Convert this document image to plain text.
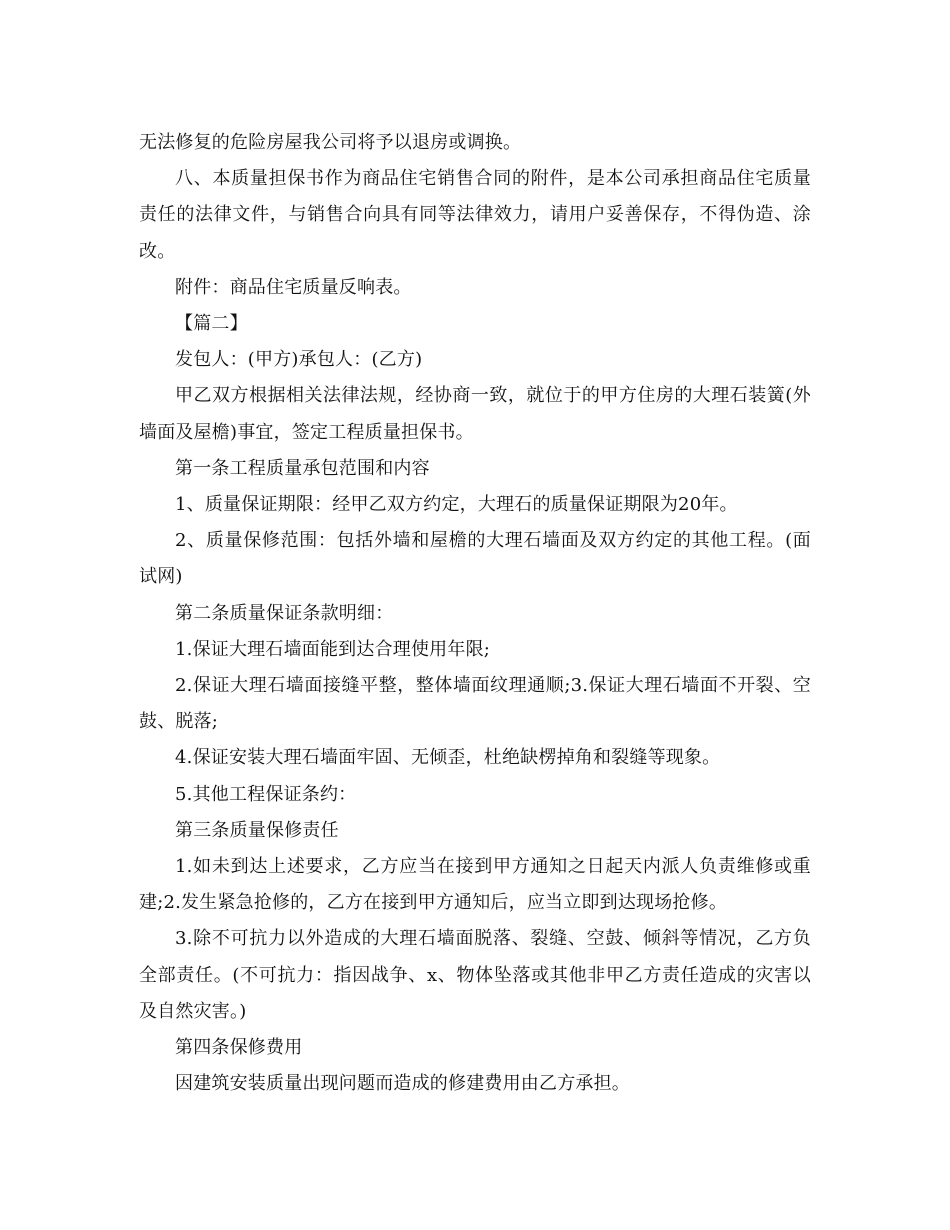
无法修复的危险房屋我公司将予以退房或调换。

八、本质量担保书作为商品住宅销售合同的附件，是本公司承担商品住宅质量责任的法律文件，与销售合向具有同等法律效力，请用户妥善保存，不得伪造、涂改。

附件：商品住宅质量反响表。

【篇二】

发包人：(甲方)承包人：(乙方)

甲乙双方根据相关法律法规，经协商一致，就位于的甲方住房的大理石装簧(外墙面及屋檐)事宜，签定工程质量担保书。

第一条工程质量承包范围和内容

1、质量保证期限：经甲乙双方约定，大理石的质量保证期限为20年。

2、质量保修范围：包括外墙和屋檐的大理石墙面及双方约定的其他工程。(面试网)

第二条质量保证条款明细：

1.保证大理石墙面能到达合理使用年限;

2.保证大理石墙面接缝平整，整体墙面纹理通顺;3.保证大理石墙面不开裂、空鼓、脱落;

4.保证安装大理石墙面牢固、无倾歪，杜绝缺楞掉角和裂缝等现象。

5.其他工程保证条约：

第三条质量保修责任

1.如未到达上述要求，乙方应当在接到甲方通知之日起天内派人负责维修或重建;2.发生紧急抢修的，乙方在接到甲方通知后，应当立即到达现场抢修。

3.除不可抗力以外造成的大理石墙面脱落、裂缝、空鼓、倾斜等情况，乙方负全部责任。(不可抗力：指因战争、x、物体坠落或其他非甲乙方责任造成的灾害以及自然灾害。)

第四条保修费用

因建筑安装质量出现问题而造成的修建费用由乙方承担。
